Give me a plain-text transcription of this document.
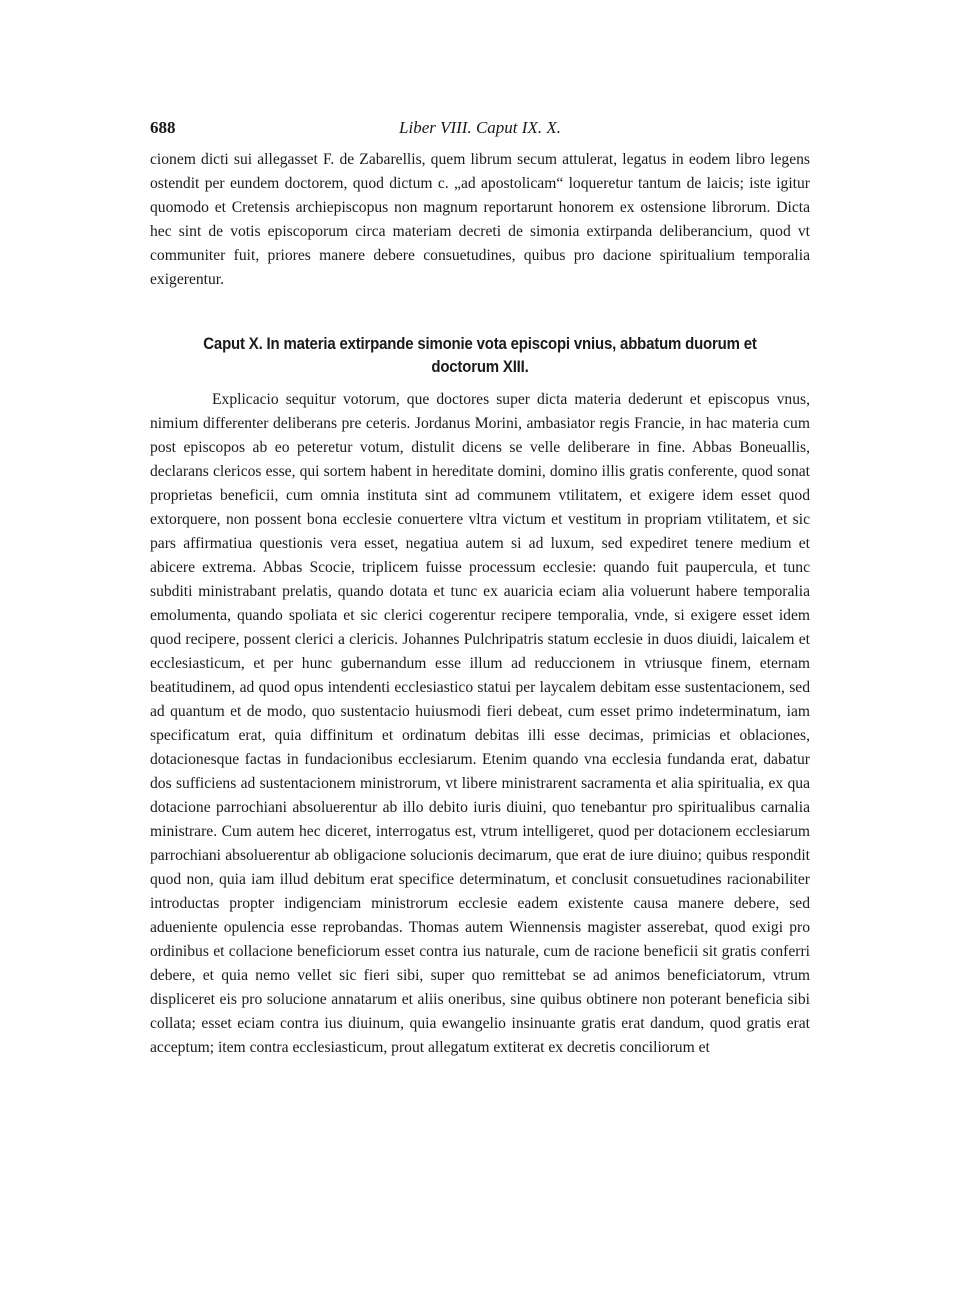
688	Liber VIII. Caput IX. X.

cionem dicti sui allegasset F. de Zabarellis, quem librum secum attulerat, legatus in eodem libro legens ostendit per eundem doctorem, quod dictum c. „ad apostolicam“ loqueretur tantum de laicis; iste igitur quomodo et Cretensis archiepiscopus non magnum reportarunt honorem ex ostensione librorum. Dicta hec sint de votis episcoporum circa materiam decreti de simonia extirpanda deliberancium, quod vt communiter fuit, priores manere debere consuetudines, quibus pro dacione spiritualium temporalia exigerentur.

Caput X. In materia extirpande simonie vota episcopi vnius, abbatum duorum et doctorum XIII.

Explicacio sequitur votorum, que doctores super dicta materia dederunt et episcopus vnus, nimium differenter deliberans pre ceteris. Jordanus Morini, ambasiator regis Francie, in hac materia cum post episcopos ab eo peteretur votum, distulit dicens se velle deliberare in fine. Abbas Boneuallis, declarans clericos esse, qui sortem habent in hereditate domini, domino illis gratis conferente, quod sonat proprietas beneficii, cum omnia instituta sint ad communem vtilitatem, et exigere idem esset quod extorquere, non possent bona ecclesie conuertere vltra victum et vestitum in propriam vtilitatem, et sic pars affirmatiua questionis vera esset, negatiua autem si ad luxum, sed expediret tenere medium et abicere extrema. Abbas Scocie, triplicem fuisse processum ecclesie: quando fuit paupercula, et tunc subditi ministrabant prelatis, quando dotata et tunc ex auaricia eciam alia voluerunt habere temporalia emolumenta, quando spoliata et sic clerici cogerentur recipere temporalia, vnde, si exigere esset idem quod recipere, possent clerici a clericis. Johannes Pulchripatris statum ecclesie in duos diuidi, laicalem et ecclesiasticum, et per hunc gubernandum esse illum ad reduccionem in vtriusque finem, eternam beatitudinem, ad quod opus intendenti ecclesiastico statui per laycalem debitam esse sustentacionem, sed ad quantum et de modo, quo sustentacio huiusmodi fieri debeat, cum esset primo indeterminatum, iam specificatum erat, quia diffinitum et ordinatum debitas illi esse decimas, primicias et oblaciones, dotacionesque factas in fundacionibus ecclesiarum. Etenim quando vna ecclesia fundanda erat, dabatur dos sufficiens ad sustentacionem ministrorum, vt libere ministrarent sacramenta et alia spiritualia, ex qua dotacione parrochiani absoluerentur ab illo debito iuris diuini, quo tenebantur pro spiritualibus carnalia ministrare. Cum autem hec diceret, interrogatus est, vtrum intelligeret, quod per dotacionem ecclesiarum parrochiani absoluerentur ab obligacione solucionis decimarum, que erat de iure diuino; quibus respondit quod non, quia iam illud debitum erat specifice determinatum, et conclusit consuetudines racionabiliter introductas propter indigenciam ministrorum ecclesie eadem existente causa manere debere, sed adueniente opulencia esse reprobandas. Thomas autem Wiennensis magister asserebat, quod exigi pro ordinibus et collacione beneficiorum esset contra ius naturale, cum de racione beneficii sit gratis conferri debere, et quia nemo vellet sic fieri sibi, super quo remittebat se ad animos beneficiatorum, vtrum displiceret eis pro solucione annatarum et aliis oneribus, sine quibus obtinere non poterant beneficia sibi collata; esset eciam contra ius diuinum, quia ewangelio insinuante gratis erat dandum, quod gratis erat acceptum; item contra ecclesiasticum, prout allegatum extiterat ex decretis conciliorum et
